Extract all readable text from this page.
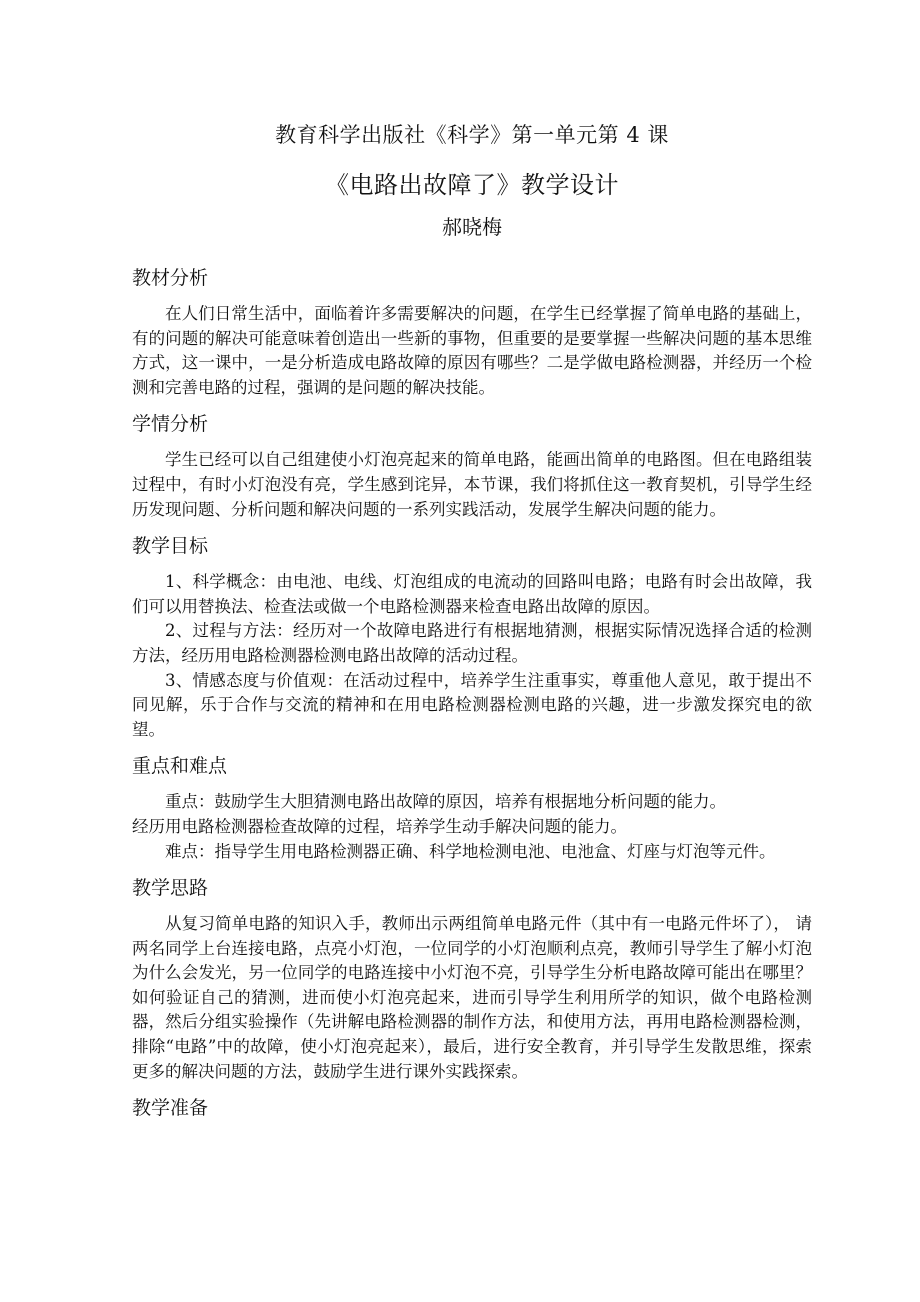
教育科学出版社《科学》第一单元第 4 课

《电路出故障了》教学设计

郝晓梅

教材分析

在人们日常生活中，面临着许多需要解决的问题，在学生已经掌握了简单电路的基础上，有的问题的解决可能意味着创造出一些新的事物，但重要的是要掌握一些解决问题的基本思维方式，这一课中，一是分析造成电路故障的原因有哪些？二是学做电路检测器，并经历一个检测和完善电路的过程，强调的是问题的解决技能。

学情分析

学生已经可以自己组建使小灯泡亮起来的简单电路，能画出简单的电路图。但在电路组装过程中，有时小灯泡没有亮，学生感到诧异，本节课，我们将抓住这一教育契机，引导学生经历发现问题、分析问题和解决问题的一系列实践活动，发展学生解决问题的能力。

教学目标

1、科学概念：由电池、电线、灯泡组成的电流动的回路叫电路；电路有时会出故障，我们可以用替换法、检查法或做一个电路检测器来检查电路出故障的原因。

2、过程与方法：经历对一个故障电路进行有根据地猜测，根据实际情况选择合适的检测方法，经历用电路检测器检测电路出故障的活动过程。

3、情感态度与价值观：在活动过程中，培养学生注重事实，尊重他人意见，敢于提出不同见解，乐于合作与交流的精神和在用电路检测器检测电路的兴趣，进一步激发探究电的欲望。

重点和难点

重点：鼓励学生大胆猜测电路出故障的原因，培养有根据地分析问题的能力。

经历用电路检测器检查故障的过程，培养学生动手解决问题的能力。

难点：指导学生用电路检测器正确、科学地检测电池、电池盒、灯座与灯泡等元件。

教学思路

从复习简单电路的知识入手，教师出示两组简单电路元件（其中有一电路元件坏了）， 请两名同学上台连接电路，点亮小灯泡，一位同学的小灯泡顺利点亮，教师引导学生了解小灯泡为什么会发光，另一位同学的电路连接中小灯泡不亮，引导学生分析电路故障可能出在哪里？如何验证自己的猜测，进而使小灯泡亮起来，进而引导学生利用所学的知识，做个电路检测器，然后分组实验操作（先讲解电路检测器的制作方法，和使用方法，再用电路检测器检测，排除“电路”中的故障，使小灯泡亮起来），最后，进行安全教育，并引导学生发散思维，探索更多的解决问题的方法，鼓励学生进行课外实践探索。

教学准备
